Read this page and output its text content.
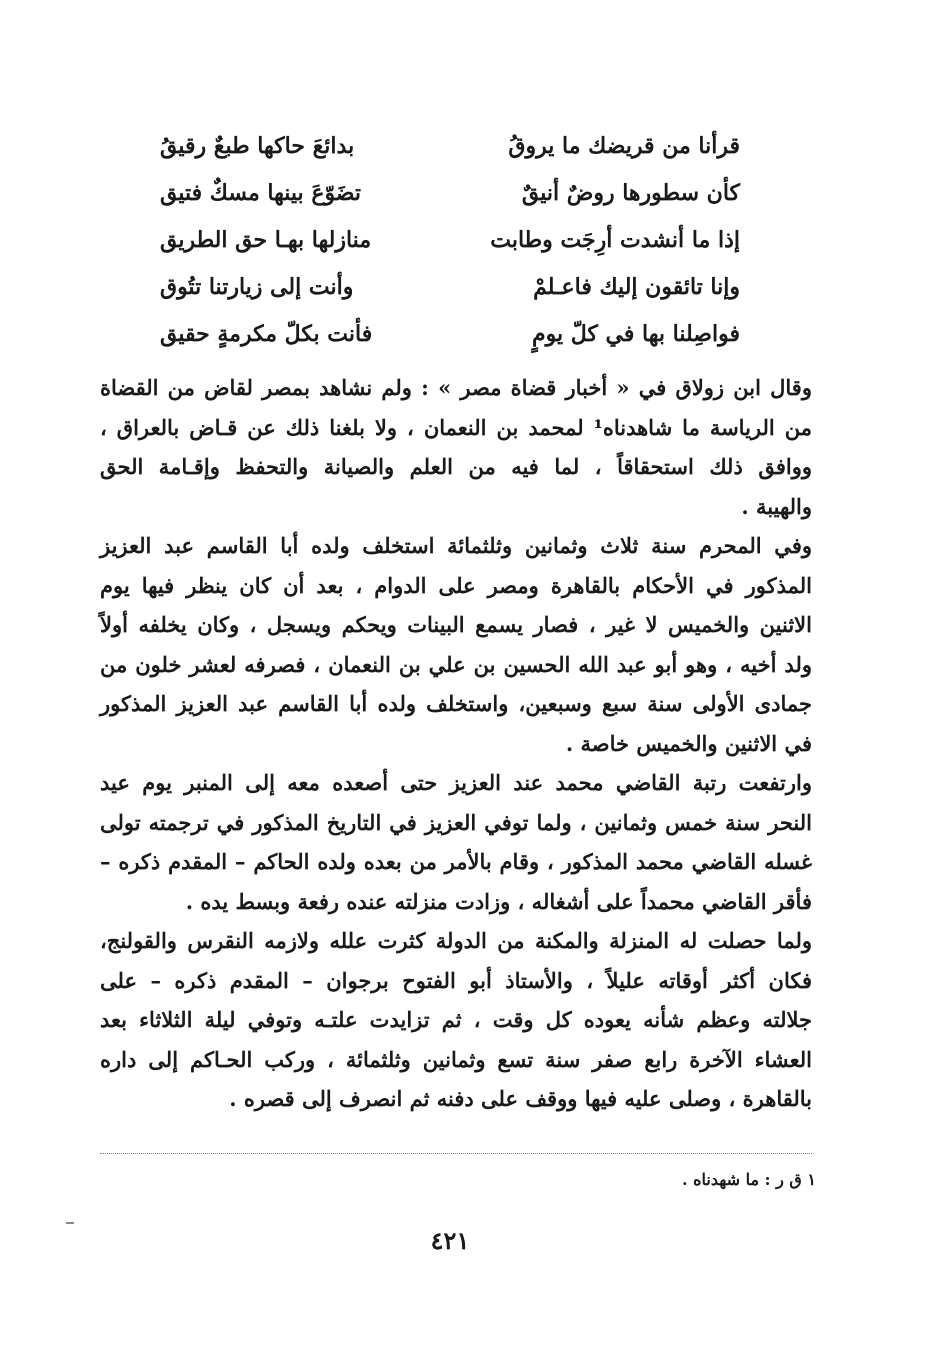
قرأنا من قريضك ما يروقُ
بدائعَ حاكها طبعٌ رقيقُ
كأن سطورها روضٌ أنيقٌ
تضَوّعَ بينها مسكٌ فتيق
إذا ما أنشدت أرِجَت وطابت
منازلها بهـا حق الطريق
وإنا تائقون إليك فاعـلمْ
وأنت إلى زيارتنا تتُوق
فواصِلنا بها في كلّ يومٍ
فأنت بكلّ مكرمةٍ حقيق
وقال ابن زولاق في « أخبار قضاة مصر » : ولم نشاهد بمصر لقاض من القضاة
من الرياسة ما شاهدناه¹ لمحمد بن النعمان ، ولا بلغنا ذلك عن قـاض بالعراق ،
ووافق ذلك استحقاقاً ، لما فيه من العلم والصيانة والتحفظ وإقـامة الحق
والهيبة .
وفي المحرم سنة ثلاث وثمانين وثلثمائة استخلف ولده أبا القاسم عبد العزيز
المذكور في الأحكام بالقاهرة ومصر على الدوام ، بعد أن كان ينظر فيها يوم
الاثنين والخميس لا غير ، فصار يسمع البينات ويحكم ويسجل ، وكان يخلفه أولاً
ولد أخيه ، وهو أبو عبد الله الحسين بن علي بن النعمان ، فصرفه لعشر خلون من
جمادى الأولى سنة سبع وسبعين، واستخلف ولده أبا القاسم عبد العزيز المذكور
في الاثنين والخميس خاصة .
وارتفعت رتبة القاضي محمد عند العزيز حتى أصعده معه إلى المنبر يوم عيد
النحر سنة خمس وثمانين ، ولما توفي العزيز في التاريخ المذكور في ترجمته تولى
غسله القاضي محمد المذكور ، وقام بالأمر من بعده ولده الحاكم – المقدم ذكره –
فأقر القاضي محمداً على أشغاله ، وزادت منزلته عنده رفعة وبسط يده .
ولما حصلت له المنزلة والمكنة من الدولة كثرت علله ولازمه النقرس والقولنج،
فكان أكثر أوقاته عليلاً ، والأستاذ أبو الفتوح برجوان – المقدم ذكره – على
جلالته وعظم شأنه يعوده كل وقت ، ثم تزايدت علتـه وتوفي ليلة الثلاثاء بعد
العشاء الآخرة رابع صفر سنة تسع وثمانين وثلثمائة ، وركب الحـاكم إلى داره
بالقاهرة ، وصلى عليه فيها ووقف على دفنه ثم انصرف إلى قصره .
١ ق ر : ما شهدناه .
٤٢١
